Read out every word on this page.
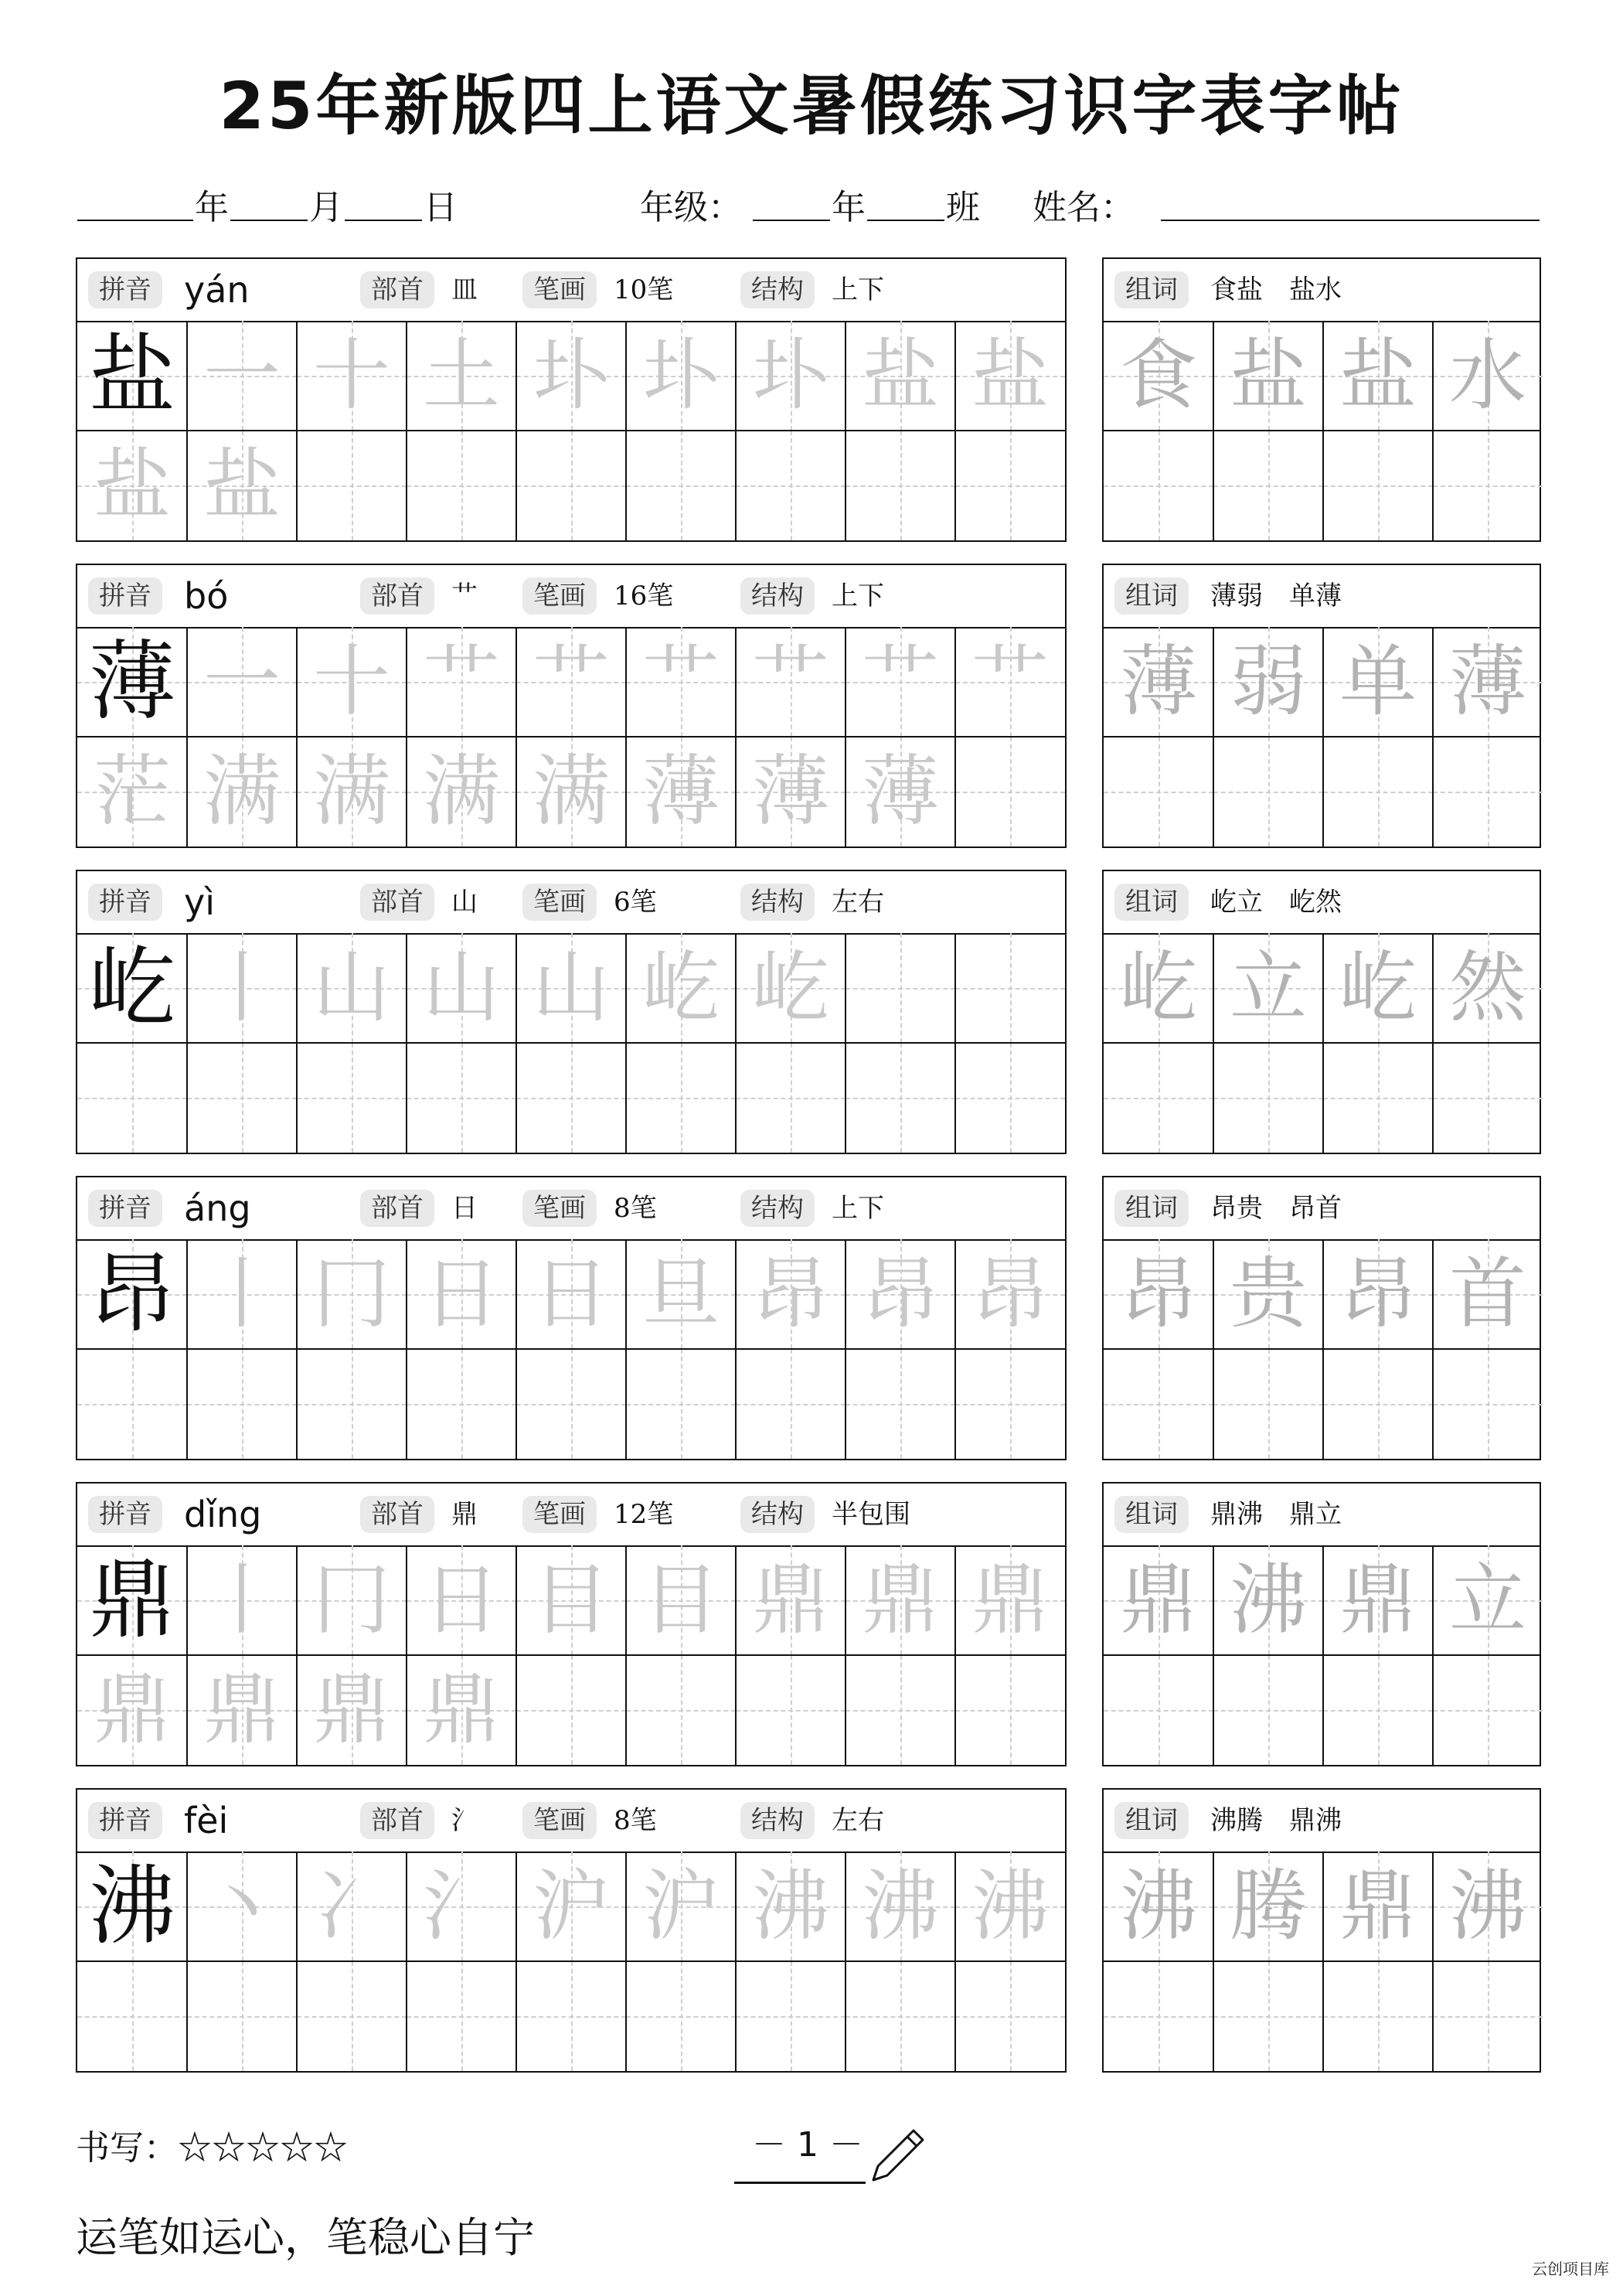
25年新版四上语文暑假练习识字表字帖
年 月 日	年级：	年 班 姓名：
拼音	部首	笔画	结构
yán	皿	10笔	上下
盐 一 十 土 圤 圤 圤 盐 盐
盐 盐
组词	食盐　盐水
食 盐 盐 水
拼音	部首	笔画	结构
bó	艹	16笔	上下
薄 一 十 艹 艹 艹 艹 艹 艹
茫 满 满 满 满 薄 薄 薄
组词	薄弱　单薄
薄 弱 单 薄
拼音	部首	笔画	结构
yì	山	6笔	左右
屹 丨 山 山 山 屹 屹
组词	屹立　屹然
屹 立 屹 然
拼音	部首	笔画	结构
áng	日	8笔	上下
昂 丨 冂 日 日 旦 昂 昂 昂
组词	昂贵　昂首
昂 贵 昂 首
拼音	部首	笔画	结构
dǐng	鼎	12笔	半包围
鼎 丨 冂 日 目 目 鼎 鼎 鼎
鼎 鼎 鼎 鼎
组词	鼎沸　鼎立
鼎 沸 鼎 立
拼音	部首	笔画	结构
fèi	氵	8笔	左右
沸 丶 冫 氵 沪 沪 沸 沸 沸
组词	沸腾　鼎沸
沸 腾 鼎 沸
书写：☆☆☆☆☆	－ 1 －
运笔如运心，笔稳心自宁
云创项目库
